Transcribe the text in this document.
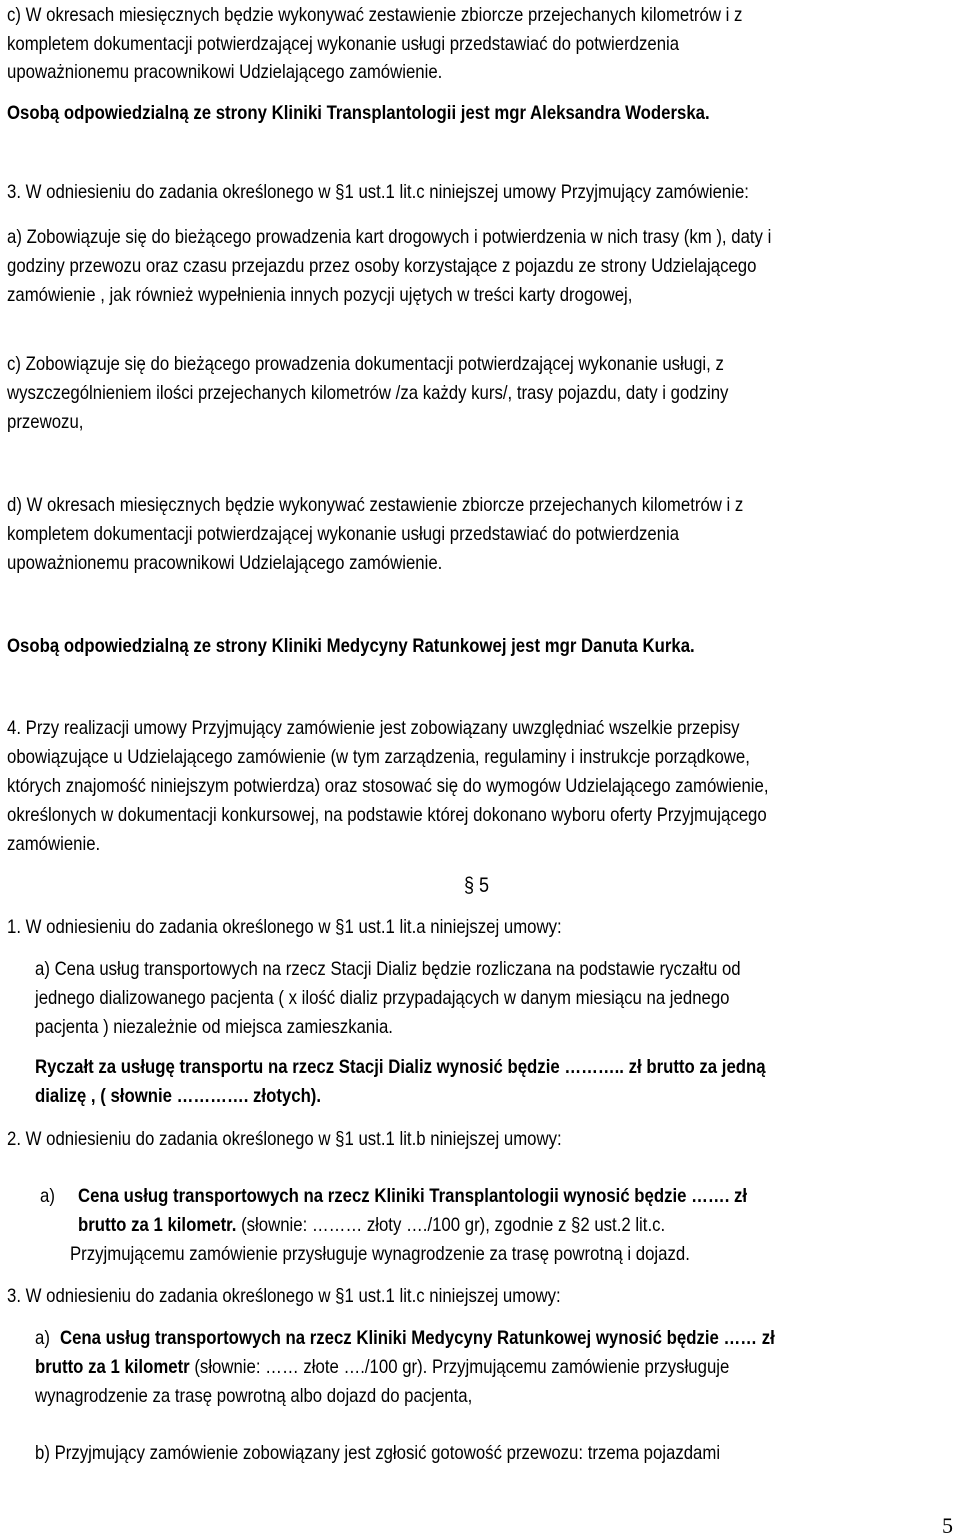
c) W okresach miesięcznych będzie wykonywać zestawienie zbiorcze przejechanych kilometrów i z
kompletem dokumentacji potwierdzającej wykonanie usługi przedstawiać do potwierdzenia
upoważnionemu pracownikowi Udzielającego zamówienie.
Osobą odpowiedzialną ze strony Kliniki Transplantologii jest mgr Aleksandra Woderska.
3. W odniesieniu do zadania określonego w §1 ust.1 lit.c niniejszej umowy Przyjmujący zamówienie:
a) Zobowiązuje się do bieżącego prowadzenia kart drogowych i potwierdzenia w nich trasy (km ), daty i
godziny przewozu oraz czasu przejazdu przez osoby korzystające z pojazdu ze strony Udzielającego
zamówienie , jak również wypełnienia innych pozycji ujętych w treści karty drogowej,
c) Zobowiązuje się do bieżącego prowadzenia dokumentacji potwierdzającej wykonanie usługi, z
wyszczególnieniem ilości przejechanych kilometrów /za każdy kurs/, trasy pojazdu, daty i godziny
przewozu,
d) W okresach miesięcznych będzie wykonywać zestawienie zbiorcze przejechanych kilometrów i z
kompletem dokumentacji potwierdzającej wykonanie usługi przedstawiać do potwierdzenia
upoważnionemu pracownikowi Udzielającego zamówienie.
Osobą odpowiedzialną ze strony Kliniki Medycyny Ratunkowej jest mgr Danuta Kurka.
4. Przy realizacji umowy Przyjmujący zamówienie jest zobowiązany uwzględniać wszelkie przepisy
obowiązujące u Udzielającego zamówienie (w tym zarządzenia, regulaminy i instrukcje porządkowe,
których znajomość niniejszym potwierdza) oraz stosować się do wymogów Udzielającego zamówienie,
określonych w dokumentacji konkursowej, na podstawie której dokonano wyboru oferty Przyjmującego
zamówienie.
§ 5
1. W odniesieniu do zadania określonego w §1 ust.1 lit.a niniejszej umowy:
a) Cena usług transportowych na rzecz Stacji Dializ będzie rozliczana na podstawie ryczałtu od
jednego dializowanego pacjenta ( x ilość dializ przypadających w danym miesiącu na jednego
pacjenta ) niezależnie od miejsca zamieszkania.
Ryczałt za usługę transportu na rzecz Stacji Dializ wynosić będzie ……….. zł brutto za jedną
dializę , ( słownie …………. złotych).
2. W odniesieniu do zadania określonego w §1 ust.1 lit.b niniejszej umowy:
a) Cena usług transportowych na rzecz Kliniki Transplantologii wynosić będzie ……. zł
brutto za 1 kilometr. (słownie: ……… złoty …./100 gr), zgodnie z §2 ust.2 lit.c.
Przyjmującemu zamówienie przysługuje wynagrodzenie za trasę powrotną i dojazd.
3. W odniesieniu do zadania określonego w §1 ust.1 lit.c niniejszej umowy:
a) Cena usług transportowych na rzecz Kliniki Medycyny Ratunkowej wynosić będzie …… zł
brutto za 1 kilometr (słownie: …… złote …./100 gr). Przyjmującemu zamówienie przysługuje
wynagrodzenie za trasę powrotną albo dojazd do pacjenta,
b) Przyjmujący zamówienie zobowiązany jest zgłosić gotowość przewozu: trzema pojazdami
5
